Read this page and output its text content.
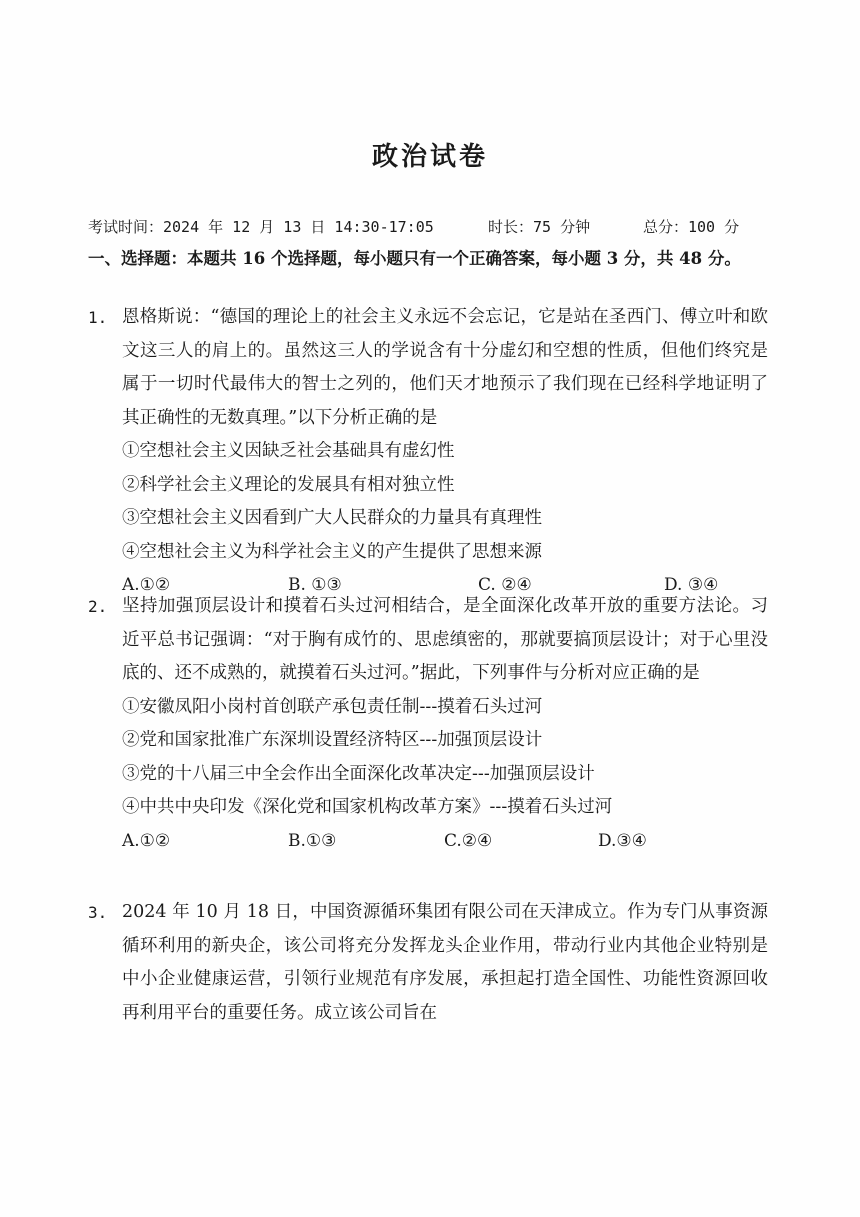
政治试卷
考试时间：2024 年 12 月 13 日 14:30-17:05	时长：75 分钟	总分：100 分
一、选择题：本题共 16 个选择题，每小题只有一个正确答案，每小题 3 分，共 48 分。
1. 恩格斯说：“德国的理论上的社会主义永远不会忘记，它是站在圣西门、傅立叶和欧文这三人的肩上的。虽然这三人的学说含有十分虚幻和空想的性质，但他们终究是属于一切时代最伟大的智士之列的，他们天才地预示了我们现在已经科学地证明了其正确性的无数真理。”以下分析正确的是
①空想社会主义因缺乏社会基础具有虚幻性
②科学社会主义理论的发展具有相对独立性
③空想社会主义因看到广大人民群众的力量具有真理性
④空想社会主义为科学社会主义的产生提供了思想来源
A.①②	B. ①③	C. ②④	D. ③④
2. 坚持加强顶层设计和摸着石头过河相结合，是全面深化改革开放的重要方法论。习近平总书记强调：“对于胸有成竹的、思虑缜密的，那就要搞顶层设计；对于心里没底的、还不成熟的，就摸着石头过河。”据此，下列事件与分析对应正确的是
①安徽凤阳小岗村首创联产承包责任制---摸着石头过河
②党和国家批准广东深圳设置经济特区---加强顶层设计
③党的十八届三中全会作出全面深化改革决定---加强顶层设计
④中共中央印发《深化党和国家机构改革方案》---摸着石头过河
A.①②	B.①③	C.②④	D.③④
3. 2024 年 10 月 18 日，中国资源循环集团有限公司在天津成立。作为专门从事资源循环利用的新央企，该公司将充分发挥龙头企业作用，带动行业内其他企业特别是中小企业健康运营，引领行业规范有序发展，承担起打造全国性、功能性资源回收再利用平台的重要任务。成立该公司旨在
